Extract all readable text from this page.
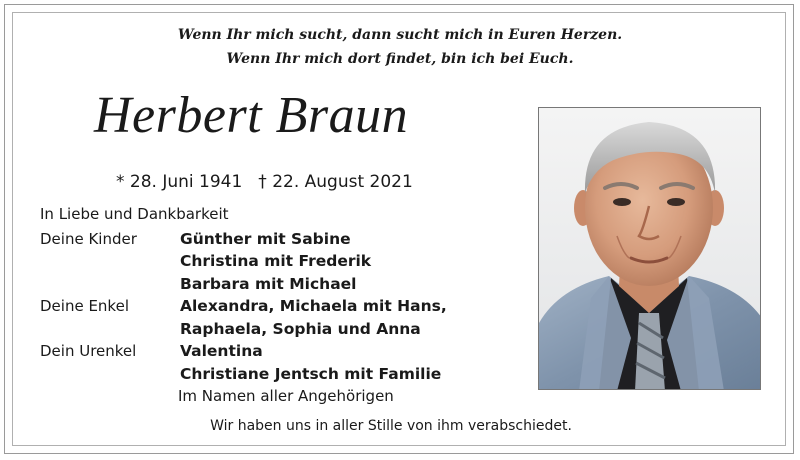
Wenn Ihr mich sucht, dann sucht mich in Euren Herzen.
Wenn Ihr mich dort findet, bin ich bei Euch.
Herbert Braun
* 28. Juni 1941 † 22. August 2021
In Liebe und Dankbarkeit
Deine Kinder	Günther mit Sabine
Christina mit Frederik
Barbara mit Michael
Deine Enkel	Alexandra, Michaela mit Hans,
Raphaela, Sophia und Anna
Dein Urenkel	Valentina
Christiane Jentsch mit Familie
Im Namen aller Angehörigen
Wir haben uns in aller Stille von ihm verabschiedet.
